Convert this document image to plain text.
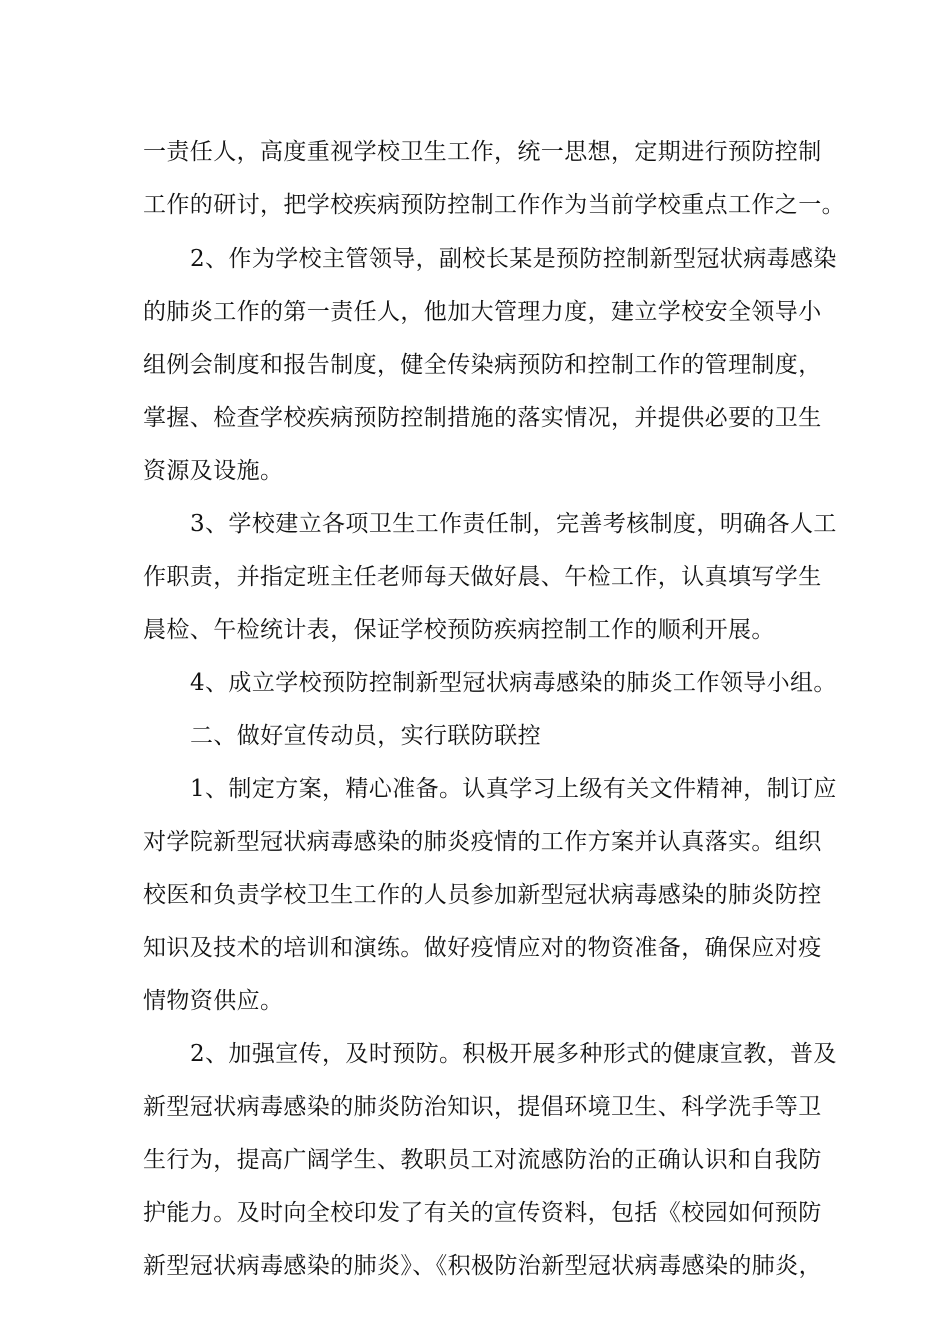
一责任人，高度重视学校卫生工作，统一思想，定期进行预防控制
工作的研讨，把学校疾病预防控制工作作为当前学校重点工作之一。
2、作为学校主管领导，副校长某是预防控制新型冠状病毒感染
的肺炎工作的第一责任人，他加大管理力度，建立学校安全领导小
组例会制度和报告制度，健全传染病预防和控制工作的管理制度，
掌握、检查学校疾病预防控制措施的落实情况，并提供必要的卫生
资源及设施。
3、学校建立各项卫生工作责任制，完善考核制度，明确各人工
作职责，并指定班主任老师每天做好晨、午检工作，认真填写学生
晨检、午检统计表，保证学校预防疾病控制工作的顺利开展。
4、成立学校预防控制新型冠状病毒感染的肺炎工作领导小组。
二、做好宣传动员，实行联防联控
1、制定方案，精心准备。认真学习上级有关文件精神，制订应
对学院新型冠状病毒感染的肺炎疫情的工作方案并认真落实。组织
校医和负责学校卫生工作的人员参加新型冠状病毒感染的肺炎防控
知识及技术的培训和演练。做好疫情应对的物资准备，确保应对疫
情物资供应。
2、加强宣传，及时预防。积极开展多种形式的健康宣教，普及
新型冠状病毒感染的肺炎防治知识，提倡环境卫生、科学洗手等卫
生行为，提高广阔学生、教职员工对流感防治的正确认识和自我防
护能力。及时向全校印发了有关的宣传资料，包括《校园如何预防
新型冠状病毒感染的肺炎》、《积极防治新型冠状病毒感染的肺炎，
